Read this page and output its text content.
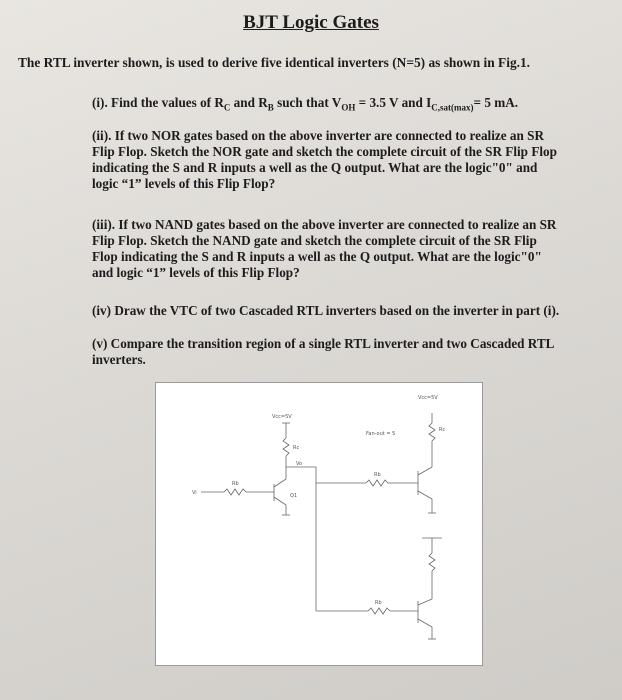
BJT Logic Gates
The RTL inverter shown, is used to derive five identical inverters (N=5) as shown in Fig.1.
(i). Find the values of $R_C$ and $R_B$ such that $V_{OH} = 3.5$ V and $I_{C,sat(max)}= 5$ mA.
(ii). If two NOR gates based on the above inverter are connected to realize an SR
Flip Flop. Sketch the NOR gate and sketch the complete circuit of the SR Flip Flop
indicating the S and R inputs a well as the Q output. What are the logic"0" and
logic “1” levels of this Flip Flop?
(iii). If two NAND gates based on the above inverter are connected to realize an SR
Flip Flop. Sketch the NAND gate and sketch the complete circuit of the SR Flip
Flop indicating the S and R inputs a well as the Q output. What are the logic"0"
and logic “1” levels of this Flip Flop?
(iv) Draw the VTC of two Cascaded RTL inverters based on the inverter in part (i).
(v) Compare the transition region of a single RTL inverter and two Cascaded RTL
inverters.
Vcc=5V
Vcc=5V
Fan-out = 5
Rc
Rc
Rb
Rb
Rb
Vi
Vo
Q1
